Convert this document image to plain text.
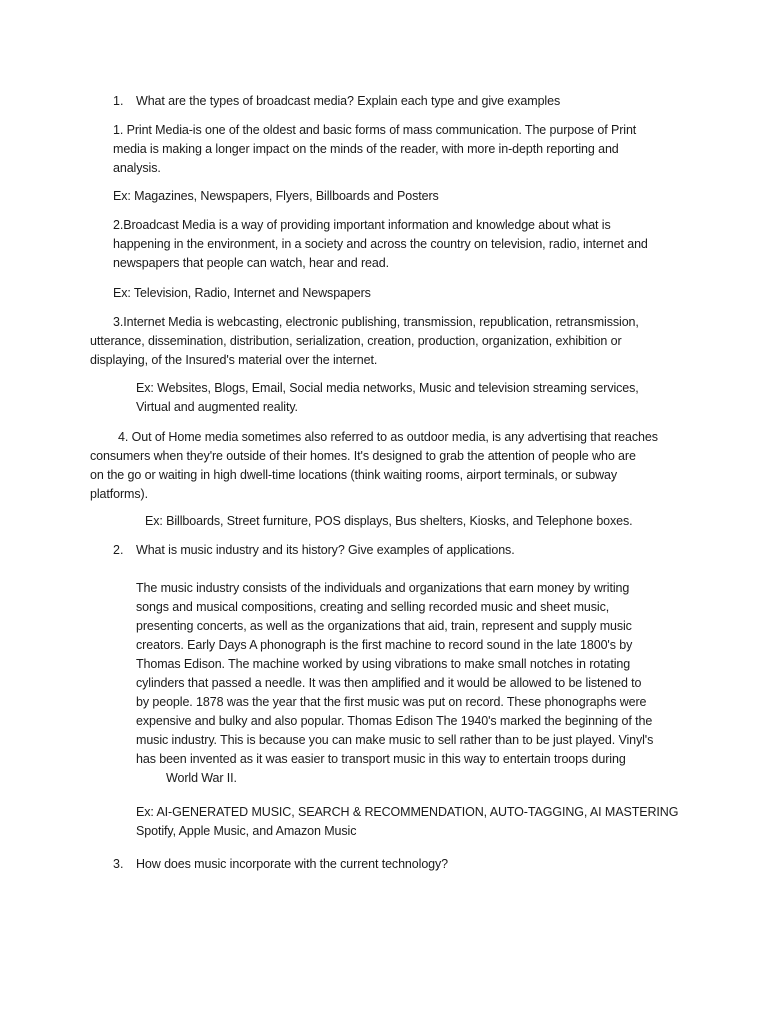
1. What are the types of broadcast media? Explain each type and give examples
1. Print Media-is one of the oldest and basic forms of mass communication. The purpose of Print
media is making a longer impact on the minds of the reader, with more in-depth reporting and
analysis.
Ex: Magazines, Newspapers, Flyers, Billboards and Posters
2.Broadcast Media is a way of providing important information and knowledge about what is
happening in the environment, in a society and across the country on television, radio, internet and
newspapers that people can watch, hear and read.
Ex: Television, Radio, Internet and Newspapers
3.Internet Media is webcasting, electronic publishing, transmission, republication, retransmission,
utterance, dissemination, distribution, serialization, creation, production, organization, exhibition or
displaying, of the Insured's material over the internet.
Ex: Websites, Blogs, Email, Social media networks, Music and television streaming services,
Virtual and augmented reality.
4. Out of Home media sometimes also referred to as outdoor media, is any advertising that reaches
consumers when they're outside of their homes. It's designed to grab the attention of people who are
on the go or waiting in high dwell-time locations (think waiting rooms, airport terminals, or subway
platforms).
Ex: Billboards, Street furniture, POS displays, Bus shelters, Kiosks, and Telephone boxes.
2. What is music industry and its history? Give examples of applications.
The music industry consists of the individuals and organizations that earn money by writing
songs and musical compositions, creating and selling recorded music and sheet music,
presenting concerts, as well as the organizations that aid, train, represent and supply music
creators. Early Days A phonograph is the first machine to record sound in the late 1800's by
Thomas Edison. The machine worked by using vibrations to make small notches in rotating
cylinders that passed a needle. It was then amplified and it would be allowed to be listened to
by people. 1878 was the year that the first music was put on record. These phonographs were
expensive and bulky and also popular. Thomas Edison The 1940's marked the beginning of the
music industry. This is because you can make music to sell rather than to be just played. Vinyl's
has been invented as it was easier to transport music in this way to entertain troops during
World War II.
Ex: AI-GENERATED MUSIC, SEARCH & RECOMMENDATION, AUTO-TAGGING, AI MASTERING
Spotify, Apple Music, and Amazon Music
3. How does music incorporate with the current technology?
